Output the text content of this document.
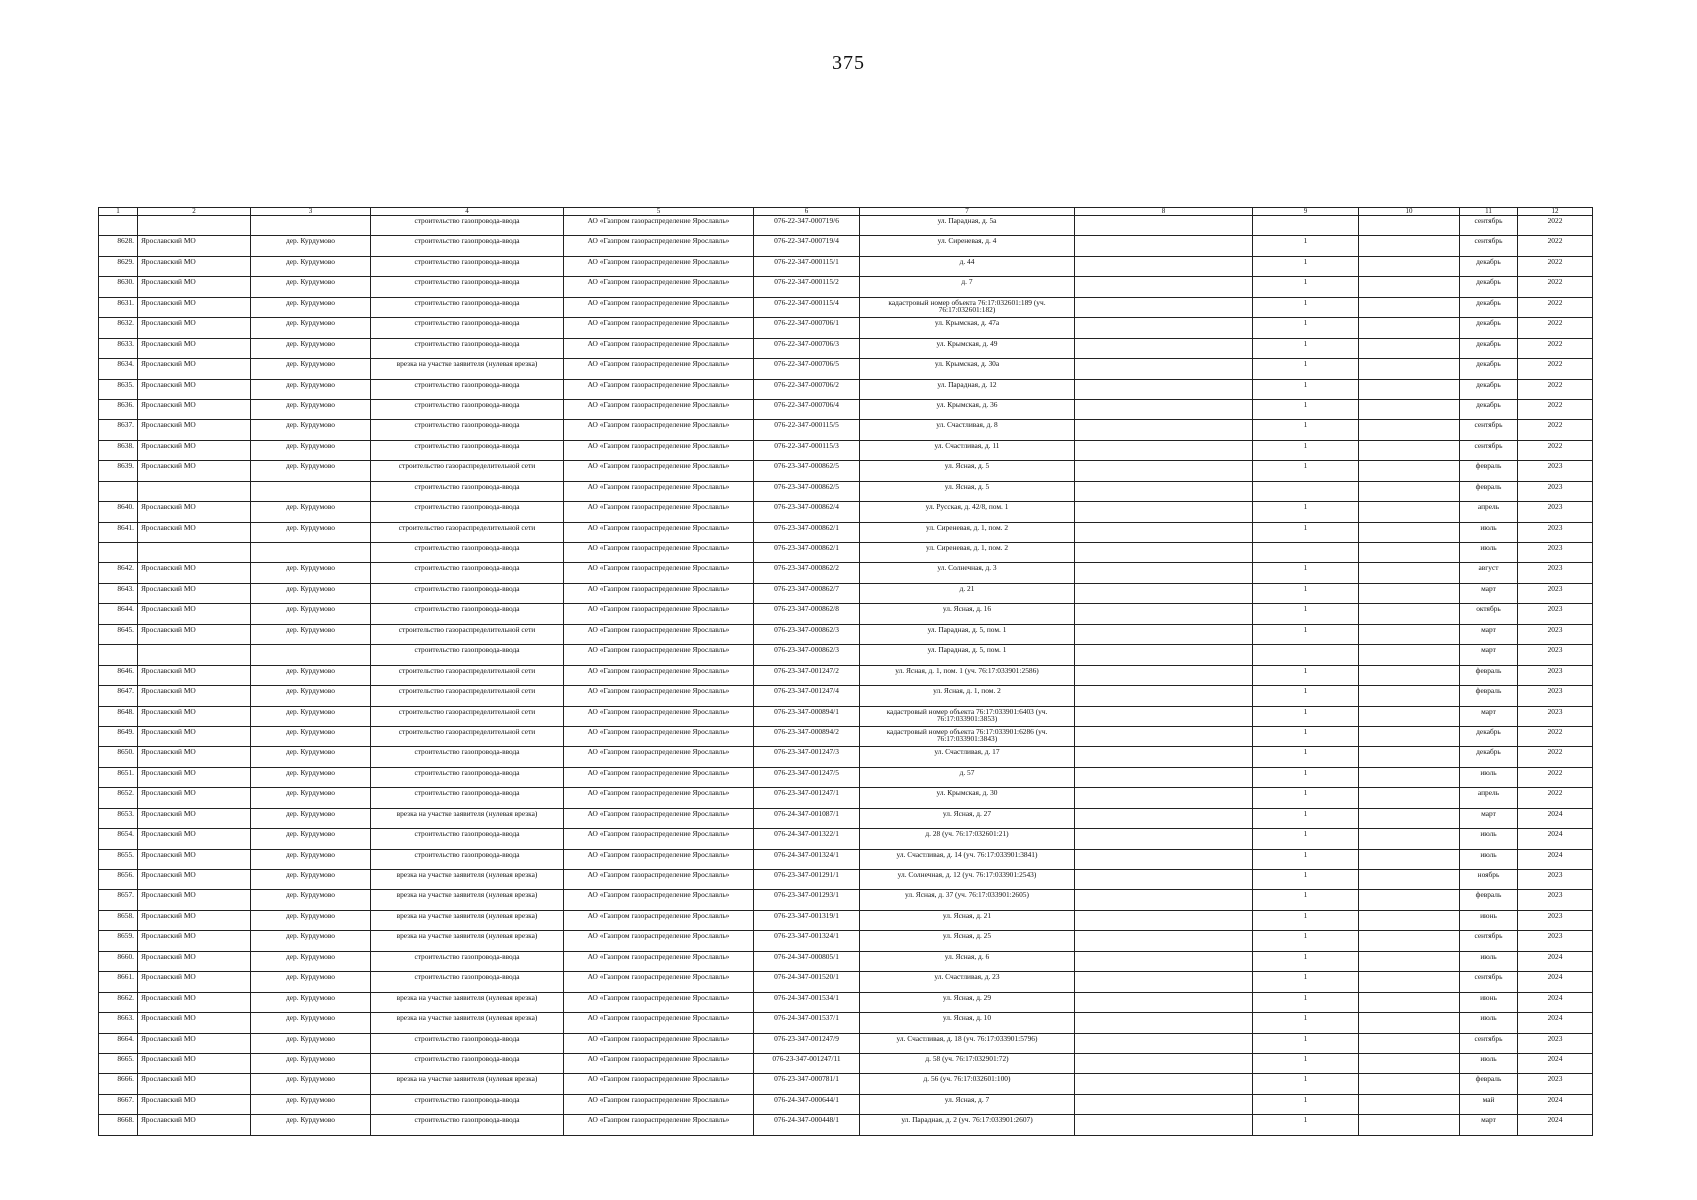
375
1	2	3	4	5	6	7	8	9	10	11	12
			строительство газопровода-ввода	АО «Газпром газораспределение Ярославль»	076-22-347-000719/6	ул. Парадная, д. 5а				сентябрь	2022
8628.	Ярославский МО	дер. Курдумово	строительство газопровода-ввода	АО «Газпром газораспределение Ярославль»	076-22-347-000719/4	ул. Сиреневая, д. 4		1		сентябрь	2022
8629.	Ярославский МО	дер. Курдумово	строительство газопровода-ввода	АО «Газпром газораспределение Ярославль»	076-22-347-000115/1	д. 44		1		декабрь	2022
8630.	Ярославский МО	дер. Курдумово	строительство газопровода-ввода	АО «Газпром газораспределение Ярославль»	076-22-347-000115/2	д. 7		1		декабрь	2022
8631.	Ярославский МО	дер. Курдумово	строительство газопровода-ввода	АО «Газпром газораспределение Ярославль»	076-22-347-000115/4	кадастровый номер объекта 76:17:032601:189 (уч. 76:17:032601:182)		1		декабрь	2022
8632.	Ярославский МО	дер. Курдумово	строительство газопровода-ввода	АО «Газпром газораспределение Ярославль»	076-22-347-000706/1	ул. Крымская, д. 47а		1		декабрь	2022
8633.	Ярославский МО	дер. Курдумово	строительство газопровода-ввода	АО «Газпром газораспределение Ярославль»	076-22-347-000706/3	ул. Крымская, д. 49		1		декабрь	2022
8634.	Ярославский МО	дер. Курдумово	врезка на участке заявителя (нулевая врезка)	АО «Газпром газораспределение Ярославль»	076-22-347-000706/5	ул. Крымская, д. 30а		1		декабрь	2022
8635.	Ярославский МО	дер. Курдумово	строительство газопровода-ввода	АО «Газпром газораспределение Ярославль»	076-22-347-000706/2	ул. Парадная, д. 12		1		декабрь	2022
8636.	Ярославский МО	дер. Курдумово	строительство газопровода-ввода	АО «Газпром газораспределение Ярославль»	076-22-347-000706/4	ул. Крымская, д. 36		1		декабрь	2022
8637.	Ярославский МО	дер. Курдумово	строительство газопровода-ввода	АО «Газпром газораспределение Ярославль»	076-22-347-000115/5	ул. Счастливая, д. 8		1		сентябрь	2022
8638.	Ярославский МО	дер. Курдумово	строительство газопровода-ввода	АО «Газпром газораспределение Ярославль»	076-22-347-000115/3	ул. Счастливая, д. 11		1		сентябрь	2022
8639.	Ярославский МО	дер. Курдумово	строительство газораспределительной сети	АО «Газпром газораспределение Ярославль»	076-23-347-000862/5	ул. Ясная, д. 5		1		февраль	2023
			строительство газопровода-ввода	АО «Газпром газораспределение Ярославль»	076-23-347-000862/5	ул. Ясная, д. 5				февраль	2023
8640.	Ярославский МО	дер. Курдумово	строительство газопровода-ввода	АО «Газпром газораспределение Ярославль»	076-23-347-000862/4	ул. Русская, д. 42/8, пом. 1		1		апрель	2023
8641.	Ярославский МО	дер. Курдумово	строительство газораспределительной сети	АО «Газпром газораспределение Ярославль»	076-23-347-000862/1	ул. Сиреневая, д. 1, пом. 2		1		июль	2023
			строительство газопровода-ввода	АО «Газпром газораспределение Ярославль»	076-23-347-000862/1	ул. Сиреневая, д. 1, пом. 2				июль	2023
8642.	Ярославский МО	дер. Курдумово	строительство газопровода-ввода	АО «Газпром газораспределение Ярославль»	076-23-347-000862/2	ул. Солнечная, д. 3		1		август	2023
8643.	Ярославский МО	дер. Курдумово	строительство газопровода-ввода	АО «Газпром газораспределение Ярославль»	076-23-347-000862/7	д. 21		1		март	2023
8644.	Ярославский МО	дер. Курдумово	строительство газопровода-ввода	АО «Газпром газораспределение Ярославль»	076-23-347-000862/8	ул. Ясная, д. 16		1		октябрь	2023
8645.	Ярославский МО	дер. Курдумово	строительство газораспределительной сети	АО «Газпром газораспределение Ярославль»	076-23-347-000862/3	ул. Парадная, д. 5, пом. 1		1		март	2023
			строительство газопровода-ввода	АО «Газпром газораспределение Ярославль»	076-23-347-000862/3	ул. Парадная, д. 5, пом. 1				март	2023
8646.	Ярославский МО	дер. Курдумово	строительство газораспределительной сети	АО «Газпром газораспределение Ярославль»	076-23-347-001247/2	ул. Ясная, д. 1, пом. 1 (уч. 76:17:033901:2586)		1		февраль	2023
8647.	Ярославский МО	дер. Курдумово	строительство газораспределительной сети	АО «Газпром газораспределение Ярославль»	076-23-347-001247/4	ул. Ясная, д. 1, пом. 2		1		февраль	2023
8648.	Ярославский МО	дер. Курдумово	строительство газораспределительной сети	АО «Газпром газораспределение Ярославль»	076-23-347-000894/1	кадастровый номер объекта 76:17:033901:6403 (уч. 76:17:033901:3853)		1		март	2023
8649.	Ярославский МО	дер. Курдумово	строительство газораспределительной сети	АО «Газпром газораспределение Ярославль»	076-23-347-000894/2	кадастровый номер объекта 76:17:033901:6286 (уч. 76:17:033901:3843)		1		декабрь	2022
8650.	Ярославский МО	дер. Курдумово	строительство газопровода-ввода	АО «Газпром газораспределение Ярославль»	076-23-347-001247/3	ул. Счастливая, д. 17		1		декабрь	2022
8651.	Ярославский МО	дер. Курдумово	строительство газопровода-ввода	АО «Газпром газораспределение Ярославль»	076-23-347-001247/5	д. 57		1		июль	2022
8652.	Ярославский МО	дер. Курдумово	строительство газопровода-ввода	АО «Газпром газораспределение Ярославль»	076-23-347-001247/1	ул. Крымская, д. 30		1		апрель	2022
8653.	Ярославский МО	дер. Курдумово	врезка на участке заявителя (нулевая врезка)	АО «Газпром газораспределение Ярославль»	076-24-347-001087/1	ул. Ясная, д. 27		1		март	2024
8654.	Ярославский МО	дер. Курдумово	строительство газопровода-ввода	АО «Газпром газораспределение Ярославль»	076-24-347-001322/1	д. 28 (уч. 76:17:032601:21)		1		июль	2024
8655.	Ярославский МО	дер. Курдумово	строительство газопровода-ввода	АО «Газпром газораспределение Ярославль»	076-24-347-001324/1	ул. Счастливая, д. 14 (уч. 76:17:033901:3841)		1		июль	2024
8656.	Ярославский МО	дер. Курдумово	врезка на участке заявителя (нулевая врезка)	АО «Газпром газораспределение Ярославль»	076-23-347-001291/1	ул. Солнечная, д. 12 (уч. 76:17:033901:2543)		1		ноябрь	2023
8657.	Ярославский МО	дер. Курдумово	врезка на участке заявителя (нулевая врезка)	АО «Газпром газораспределение Ярославль»	076-23-347-001293/1	ул. Ясная, д. 37 (уч. 76:17:033901:2605)		1		февраль	2023
8658.	Ярославский МО	дер. Курдумово	врезка на участке заявителя (нулевая врезка)	АО «Газпром газораспределение Ярославль»	076-23-347-001319/1	ул. Ясная, д. 21		1		июнь	2023
8659.	Ярославский МО	дер. Курдумово	врезка на участке заявителя (нулевая врезка)	АО «Газпром газораспределение Ярославль»	076-23-347-001324/1	ул. Ясная, д. 25		1		сентябрь	2023
8660.	Ярославский МО	дер. Курдумово	строительство газопровода-ввода	АО «Газпром газораспределение Ярославль»	076-24-347-000805/1	ул. Ясная, д. 6		1		июль	2024
8661.	Ярославский МО	дер. Курдумово	строительство газопровода-ввода	АО «Газпром газораспределение Ярославль»	076-24-347-001520/1	ул. Счастливая, д. 23		1		сентябрь	2024
8662.	Ярославский МО	дер. Курдумово	врезка на участке заявителя (нулевая врезка)	АО «Газпром газораспределение Ярославль»	076-24-347-001534/1	ул. Ясная, д. 29		1		июнь	2024
8663.	Ярославский МО	дер. Курдумово	врезка на участке заявителя (нулевая врезка)	АО «Газпром газораспределение Ярославль»	076-24-347-001537/1	ул. Ясная, д. 10		1		июль	2024
8664.	Ярославский МО	дер. Курдумово	строительство газопровода-ввода	АО «Газпром газораспределение Ярославль»	076-23-347-001247/9	ул. Счастливая, д. 18 (уч. 76:17:033901:5796)		1		сентябрь	2023
8665.	Ярославский МО	дер. Курдумово	строительство газопровода-ввода	АО «Газпром газораспределение Ярославль»	076-23-347-001247/11	д. 58 (уч. 76:17:032901:72)		1		июль	2024
8666.	Ярославский МО	дер. Курдумово	врезка на участке заявителя (нулевая врезка)	АО «Газпром газораспределение Ярославль»	076-23-347-000781/1	д. 56 (уч. 76:17:032601:100)		1		февраль	2023
8667.	Ярославский МО	дер. Курдумово	строительство газопровода-ввода	АО «Газпром газораспределение Ярославль»	076-24-347-000644/1	ул. Ясная, д. 7		1		май	2024
8668.	Ярославский МО	дер. Курдумово	строительство газопровода-ввода	АО «Газпром газораспределение Ярославль»	076-24-347-000448/1	ул. Парадная, д. 2 (уч. 76:17:033901:2607)		1		март	2024
